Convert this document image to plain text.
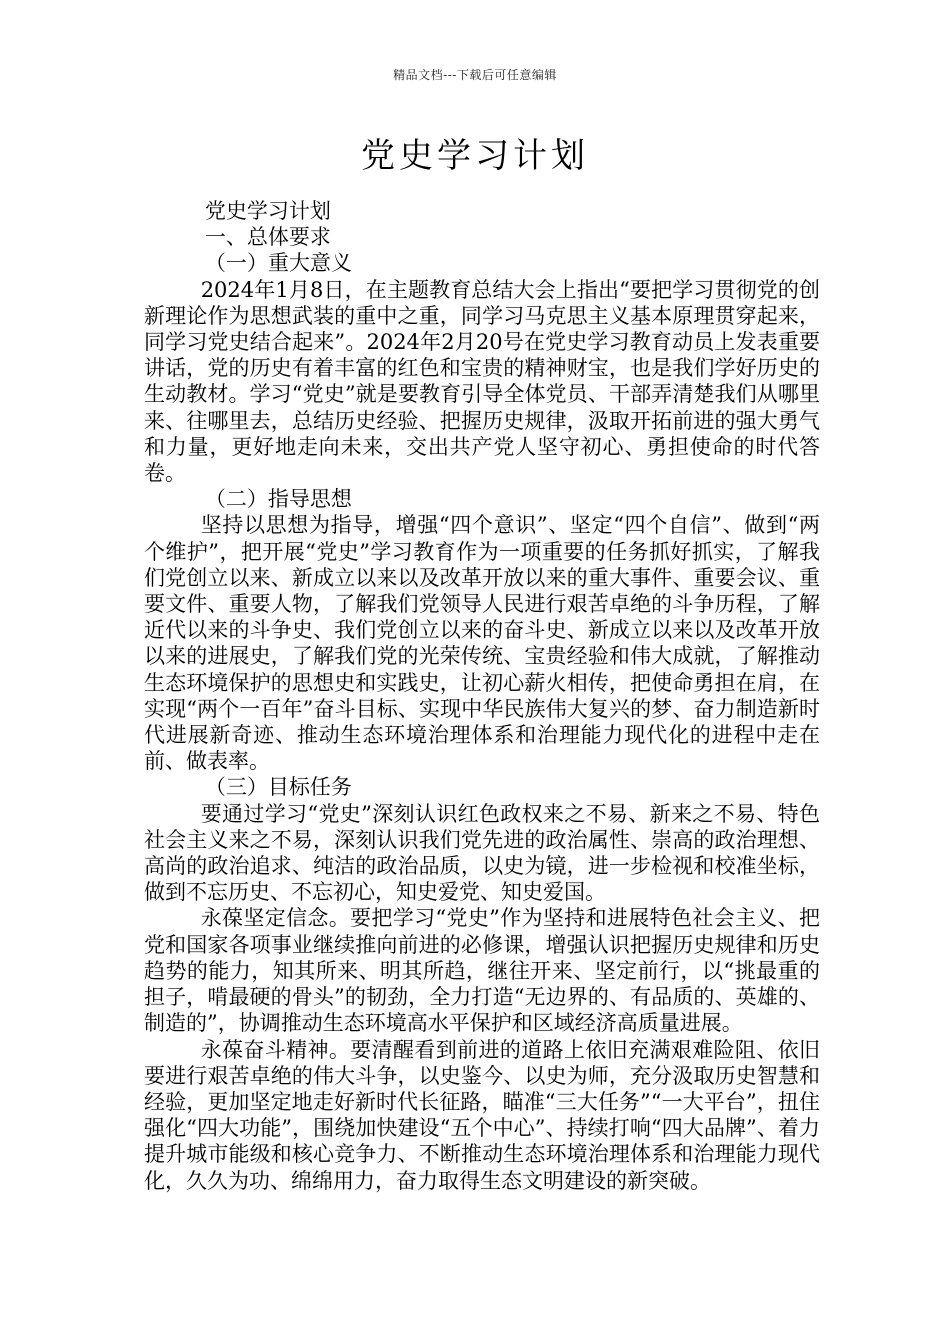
精品文档---下载后可任意编辑
党史学习计划

党史学习计划

一、总体要求

（一）重大意义

2024年1月8日，在主题教育总结大会上指出“要把学习贯彻党的创新理论作为思想武装的重中之重，同学习马克思主义基本原理贯穿起来，同学习党史结合起来”。2024年2月20号在党史学习教育动员上发表重要讲话，党的历史有着丰富的红色和宝贵的精神财宝，也是我们学好历史的生动教材。学习“党史”就是要教育引导全体党员、干部弄清楚我们从哪里来、往哪里去，总结历史经验、把握历史规律，汲取开拓前进的强大勇气和力量，更好地走向未来，交出共产党人坚守初心、勇担使命的时代答卷。

（二）指导思想

坚持以思想为指导，增强“四个意识”、坚定“四个自信”、做到“两个维护”，把开展“党史”学习教育作为一项重要的任务抓好抓实，了解我们党创立以来、新成立以来以及改革开放以来的重大事件、重要会议、重要文件、重要人物，了解我们党领导人民进行艰苦卓绝的斗争历程，了解近代以来的斗争史、我们党创立以来的奋斗史、新成立以来以及改革开放以来的进展史，了解我们党的光荣传统、宝贵经验和伟大成就，了解推动生态环境保护的思想史和实践史，让初心薪火相传，把使命勇担在肩，在实现“两个一百年”奋斗目标、实现中华民族伟大复兴的梦、奋力制造新时代进展新奇迹、推动生态环境治理体系和治理能力现代化的进程中走在前、做表率。

（三）目标任务

要通过学习“党史”深刻认识红色政权来之不易、新来之不易、特色社会主义来之不易，深刻认识我们党先进的政治属性、崇高的政治理想、高尚的政治追求、纯洁的政治品质，以史为镜，进一步检视和校准坐标，做到不忘历史、不忘初心，知史爱党、知史爱国。

永葆坚定信念。要把学习“党史”作为坚持和进展特色社会主义、把党和国家各项事业继续推向前进的必修课，增强认识把握历史规律和历史趋势的能力，知其所来、明其所趋，继往开来、坚定前行，以“挑最重的担子，啃最硬的骨头”的韧劲，全力打造“无边界的、有品质的、英雄的、制造的”，协调推动生态环境高水平保护和区域经济高质量进展。

永葆奋斗精神。要清醒看到前进的道路上依旧充满艰难险阻、依旧要进行艰苦卓绝的伟大斗争，以史鉴今、以史为师，充分汲取历史智慧和经验，更加坚定地走好新时代长征路，瞄准“三大任务”“一大平台”，扭住强化“四大功能”，围绕加快建设“五个中心”、持续打响“四大品牌”、着力提升城市能级和核心竞争力、不断推动生态环境治理体系和治理能力现代化，久久为功、绵绵用力，奋力取得生态文明建设的新突破。
